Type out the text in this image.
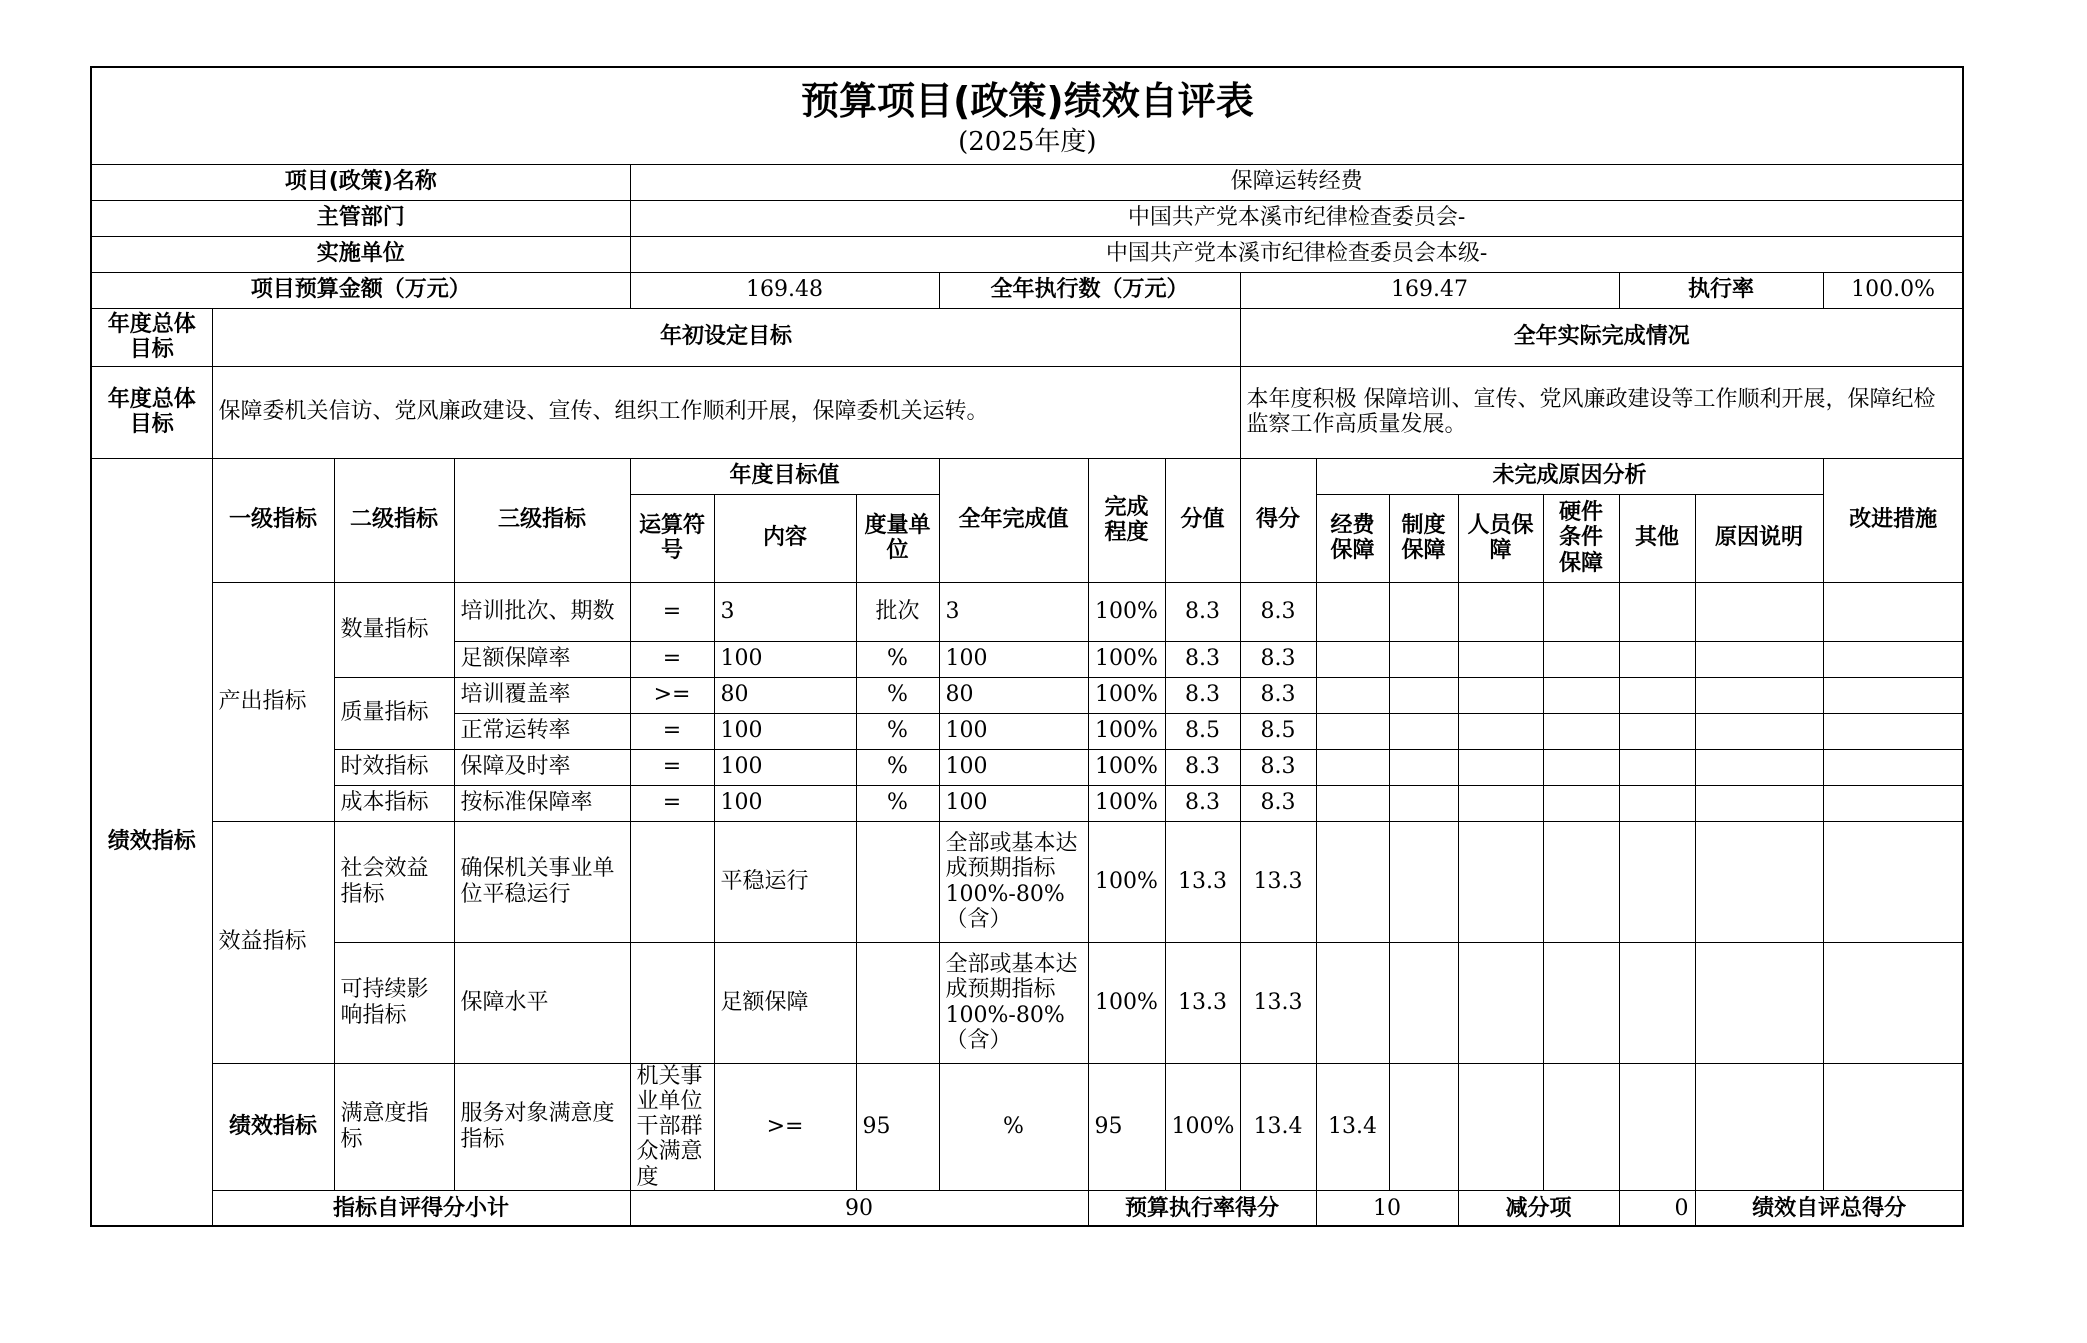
预算项目(政策)绩效自评表
(2025年度)																		

项目(政策)名称				保障运转经费														
主管部门				中国共产党本溪市纪律检查委员会-														
实施单位				中国共产党本溪市纪律检查委员会本级-														
项目预算金额（万元）				169.48			全年执行数（万元）			169.47					执行率		100.0%	
年度总体目标	年初设定目标									全年实际完成情况								
年度总体目标	保障委机关信访、党风廉政建设、宣传、组织工作顺利开展，保障委机关运转。									本年度积极 保障培训、宣传、党风廉政建设等工作顺利开展，保障纪检监察工作高质量发展。								
绩效指标	一级指标	二级指标	三级指标	年度目标值			全年完成值	完成程度	分值	得分	未完成原因分析						改进措施	
				运算符号	内容	度量单位					经费保障	制度保障	人员保障	硬件条件保障	其他	原因说明		
	产出指标	数量指标	培训批次、期数	=	3	批次	3	100%	8.3	8.3								
			足额保障率	=	100	%	100	100%	8.3	8.3								
		质量指标	培训覆盖率	>=	80	%	80	100%	8.3	8.3								
			正常运转率	=	100	%	100	100%	8.5	8.5								
		时效指标	保障及时率	=	100	%	100	100%	8.3	8.3								
		成本指标	按标准保障率	=	100	%	100	100%	8.3	8.3								
	效益指标	社会效益指标	确保机关事业单位平稳运行		平稳运行		全部或基本达成预期指标100%-80%（含）	100%	13.3	13.3								
		可持续影响指标	保障水平		足额保障		全部或基本达成预期指标100%-80%（含）	100%	13.3	13.3								
	绩效指标	满意度指标	服务对象满意度指标	机关事业单位干部群众满意度	>=	95	%	95	100%	13.4	13.4							
	指标自评得分小计			90				预算执行率得分			10		减分项		0	绩效自评总得分	
